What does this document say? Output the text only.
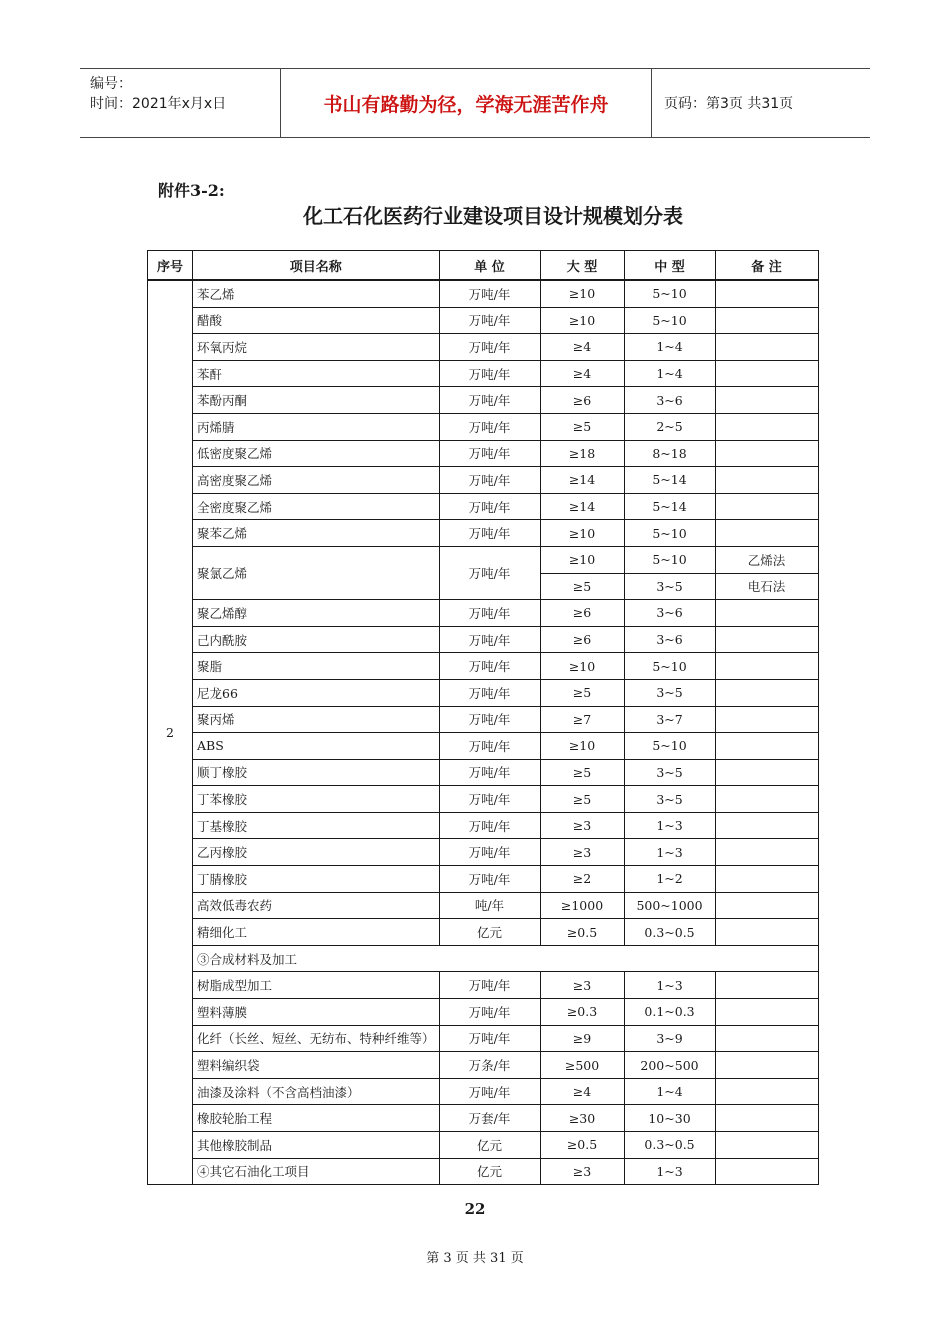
编号：
时间：2021年x月x日	书山有路勤为径，学海无涯苦作舟	页码：第3页 共31页
附件3-2:
化工石化医药行业建设项目设计规模划分表
序号	项目名称	单 位	大 型	中 型	备 注
2	苯乙烯	万吨/年	≥10	5~10	
	醋酸	万吨/年	≥10	5~10	
	环氧丙烷	万吨/年	≥4	1~4	
	苯酐	万吨/年	≥4	1~4	
	苯酚丙酮	万吨/年	≥6	3~6	
	丙烯腈	万吨/年	≥5	2~5	
	低密度聚乙烯	万吨/年	≥18	8~18	
	高密度聚乙烯	万吨/年	≥14	5~14	
	全密度聚乙烯	万吨/年	≥14	5~14	
	聚苯乙烯	万吨/年	≥10	5~10	
	聚氯乙烯	万吨/年	≥10	5~10	乙烯法
			≥5	3~5	电石法
	聚乙烯醇	万吨/年	≥6	3~6	
	己内酰胺	万吨/年	≥6	3~6	
	聚脂	万吨/年	≥10	5~10	
	尼龙66	万吨/年	≥5	3~5	
	聚丙烯	万吨/年	≥7	3~7	
	ABS	万吨/年	≥10	5~10	
	顺丁橡胶	万吨/年	≥5	3~5	
	丁苯橡胶	万吨/年	≥5	3~5	
	丁基橡胶	万吨/年	≥3	1~3	
	乙丙橡胶	万吨/年	≥3	1~3	
	丁腈橡胶	万吨/年	≥2	1~2	
	高效低毒农药	吨/年	≥1000	500~1000	
	精细化工	亿元	≥0.5	0.3~0.5	
	③合成材料及加工				
	树脂成型加工	万吨/年	≥3	1~3	
	塑料薄膜	万吨/年	≥0.3	0.1~0.3	
	化纤（长丝、短丝、无纺布、特种纤维等）	万吨/年	≥9	3~9	
	塑料编织袋	万条/年	≥500	200~500	
	油漆及涂料（不含高档油漆）	万吨/年	≥4	1~4	
	橡胶轮胎工程	万套/年	≥30	10~30	
	其他橡胶制品	亿元	≥0.5	0.3~0.5	
	④其它石油化工项目	亿元	≥3	1~3	
22
第 3 页 共 31 页
